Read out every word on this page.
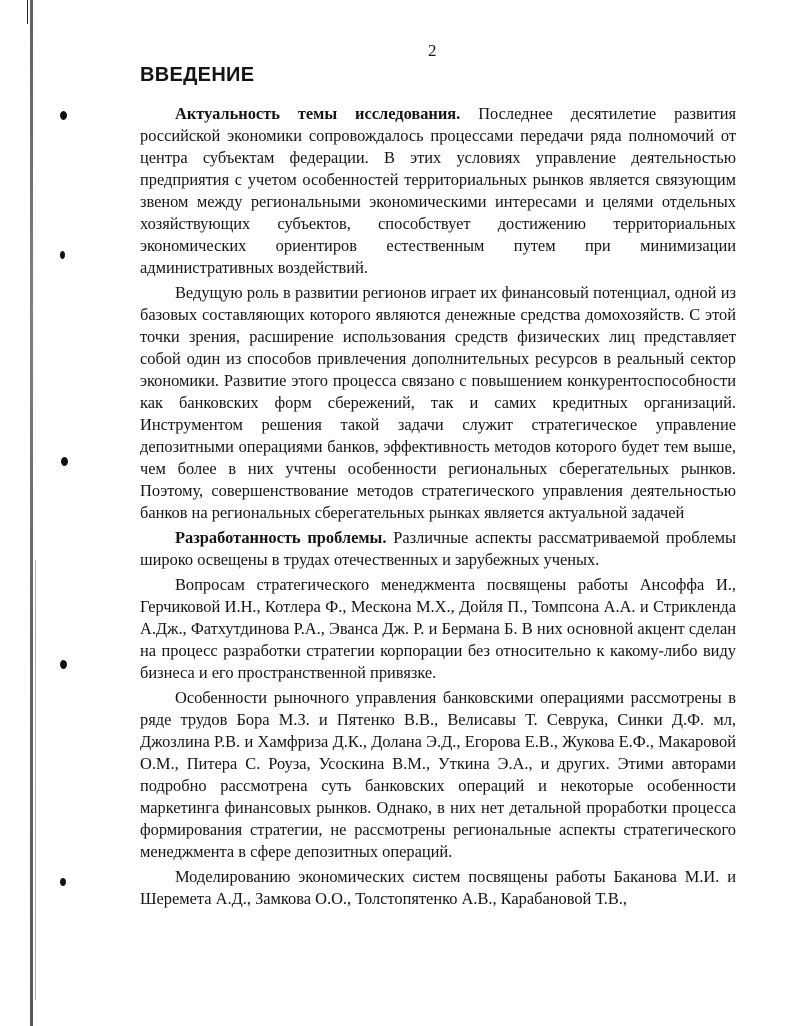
2

ВВЕДЕНИЕ

Актуальность темы исследования. Последнее десятилетие развития российской экономики сопровождалось процессами передачи ряда полномочий от центра субъектам федерации. В этих условиях управление деятельностью предприятия с учетом особенностей территориальных рынков является связующим звеном между региональными экономическими интересами и целями отдельных хозяйствующих субъектов, способствует достижению территориальных экономических ориентиров естественным путем при минимизации административных воздействий.

Ведущую роль в развитии регионов играет их финансовый потенциал, одной из базовых составляющих которого являются денежные средства домохозяйств. С этой точки зрения, расширение использования средств физических лиц представляет собой один из способов привлечения дополнительных ресурсов в реальный сектор экономики. Развитие этого процесса связано с повышением конкурентоспособности как банковских форм сбережений, так и самих кредитных организаций. Инструментом решения такой задачи служит стратегическое управление депозитными операциями банков, эффективность методов которого будет тем выше, чем более в них учтены особенности региональных сберегательных рынков. Поэтому, совершенствование методов стратегического управления деятельностью банков на региональных сберегательных рынках является актуальной задачей

Разработанность проблемы. Различные аспекты рассматриваемой проблемы широко освещены в трудах отечественных и зарубежных ученых.

Вопросам стратегического менеджмента посвящены работы Ансоффа И., Герчиковой И.Н., Котлера Ф., Мескона М.Х., Дойля П., Томпсона А.А. и Стрикленда А.Дж., Фатхутдинова Р.А., Эванса Дж. Р. и Бермана Б. В них основной акцент сделан на процесс разработки стратегии корпорации без относительно к какому-либо виду бизнеса и его пространственной привязке.

Особенности рыночного управления банковскими операциями рассмотрены в ряде трудов Бора М.З. и Пятенко В.В., Велисавы Т. Севрука, Синки Д.Ф. мл, Джозлина Р.В. и Хамфриза Д.К., Долана Э.Д., Егорова Е.В., Жукова Е.Ф., Макаровой О.М., Питера С. Роуза, Усоскина В.М., Уткина Э.А., и других. Этими авторами подробно рассмотрена суть банковских операций и некоторые особенности маркетинга финансовых рынков. Однако, в них нет детальной проработки процесса формирования стратегии, не рассмотрены региональные аспекты стратегического менеджмента в сфере депозитных операций.

Моделированию экономических систем посвящены работы Баканова М.И. и Шеремета А.Д., Замкова О.О., Толстопятенко А.В., Карабановой Т.В.,
